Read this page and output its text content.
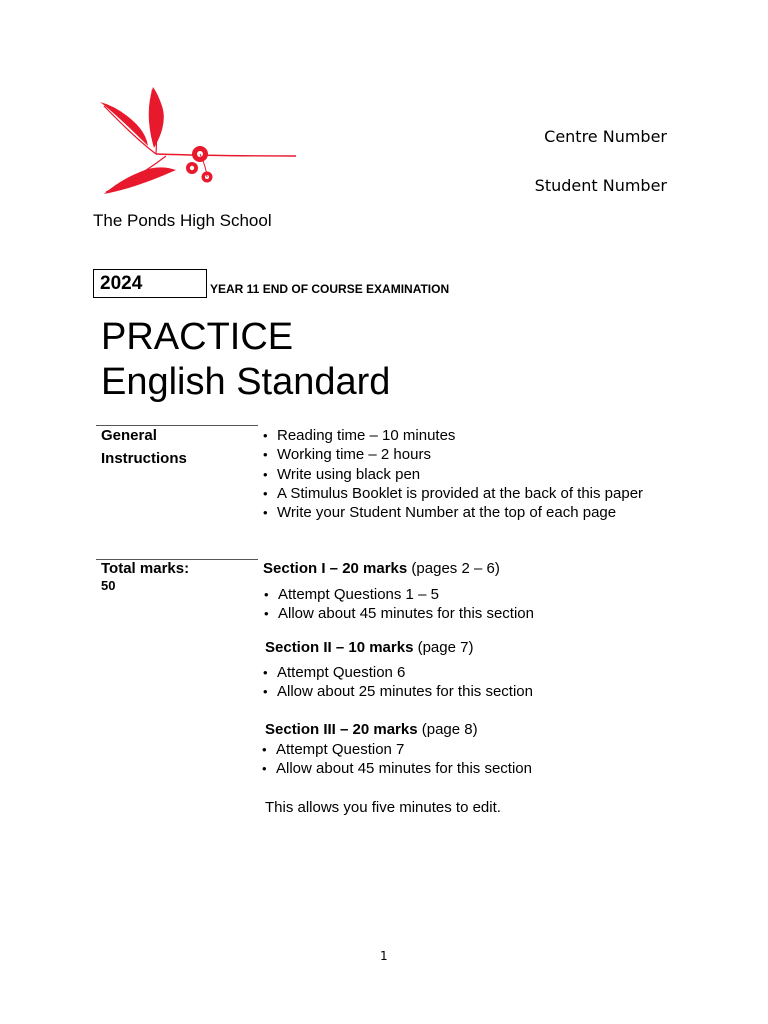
The Ponds High School
Centre Number
Student Number
2024	YEAR 11 END OF COURSE EXAMINATION
PRACTICE
English Standard
General
Instructions
• Reading time – 10 minutes
• Working time – 2 hours
• Write using black pen
• A Stimulus Booklet is provided at the back of this paper
• Write your Student Number at the top of each page
Total marks:
50
Section I – 20 marks (pages 2 – 6)
• Attempt Questions 1 – 5
• Allow about 45 minutes for this section
Section II – 10 marks (page 7)
• Attempt Question 6
• Allow about 25 minutes for this section
Section III – 20 marks (page 8)
• Attempt Question 7
• Allow about 45 minutes for this section
This allows you five minutes to edit.
1
